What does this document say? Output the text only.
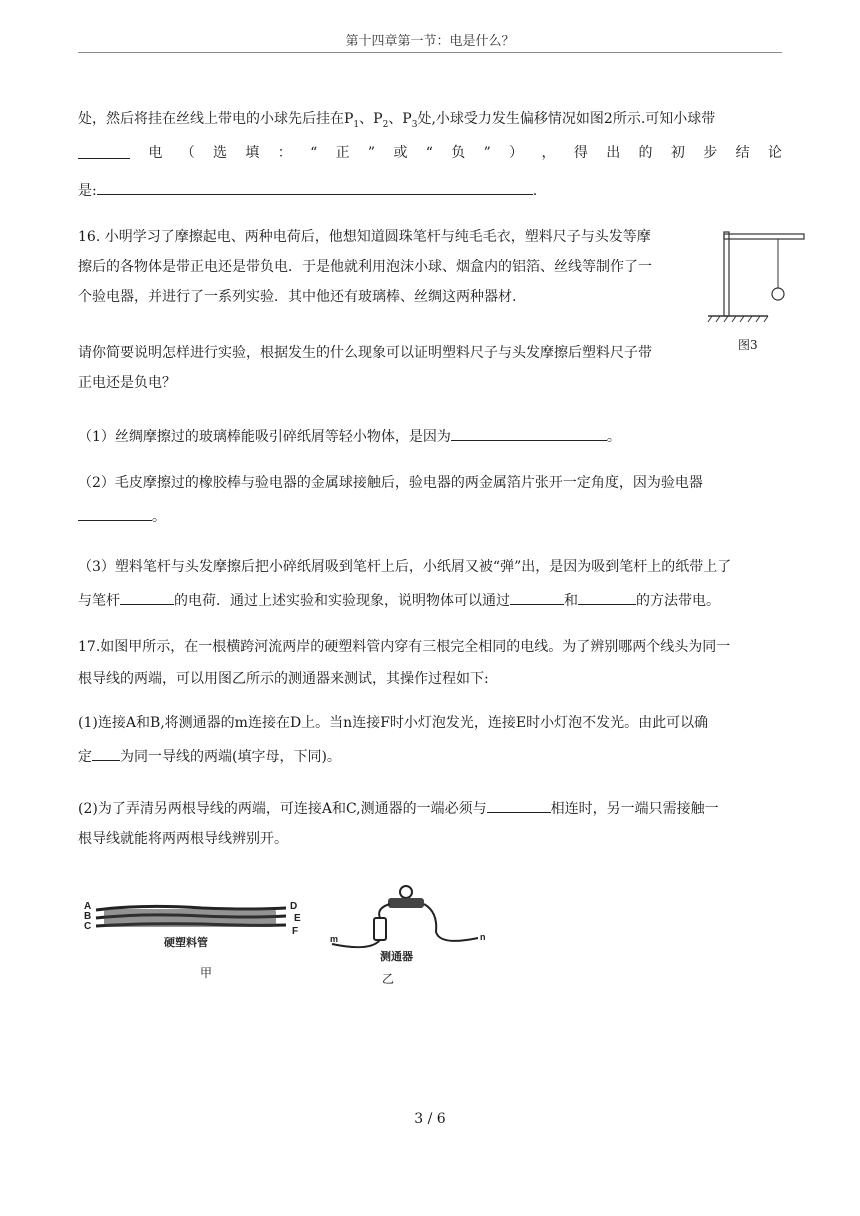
第十四章第一节：电是什么？
处，然后将挂在丝线上带电的小球先后挂在$P_1$、$P_2$、$P_3$处,小球受力发生偏移情况如图2所示.可知小球带
电 （ 选 填 ： “ 正 ” 或 “ 负 ” ） ， 得 出 的 初 步 结 论
是:	.
16. 小明学习了摩擦起电、两种电荷后，他想知道圆珠笔杆与纯毛毛衣，塑料尺子与头发等摩
擦后的各物体是带正电还是带负电．于是他就利用泡沫小球、烟盒内的铝箔、丝线等制作了一
个验电器，并进行了一系列实验．其中他还有玻璃棒、丝绸这两种器材.
图3
请你简要说明怎样进行实验，根据发生的什么现象可以证明塑料尺子与头发摩擦后塑料尺子带
正电还是负电？
（1）丝绸摩擦过的玻璃棒能吸引碎纸屑等轻小物体，是因为	。
（2）毛皮摩擦过的橡胶棒与验电器的金属球接触后，验电器的两金属箔片张开一定角度，因为验电器
。
（3）塑料笔杆与头发摩擦后把小碎纸屑吸到笔杆上后，小纸屑又被“弹”出，是因为吸到笔杆上的纸带上了
与笔杆	的电荷．通过上述实验和实验现象，说明物体可以通过	和	的方法带电。
17.如图甲所示，在一根横跨河流两岸的硬塑料管内穿有三根完全相同的电线。为了辨别哪两个线头为同一
根导线的两端，可以用图乙所示的测通器来测试，其操作过程如下:
(1)连接A和B,将测通器的m连接在D上。当n连接F时小灯泡发光，连接E时小灯泡不发光。由此可以确
定 为同一导线的两端(填字母，下同)。
(2)为了弄清另两根导线的两端，可连接A和C,测通器的一端必须与	相连时，另一端只需接触一
根导线就能将两两根导线辨别开。
A
B
C
D
E
F
硬塑料管
甲
m	n
测通器
乙
3 / 6
